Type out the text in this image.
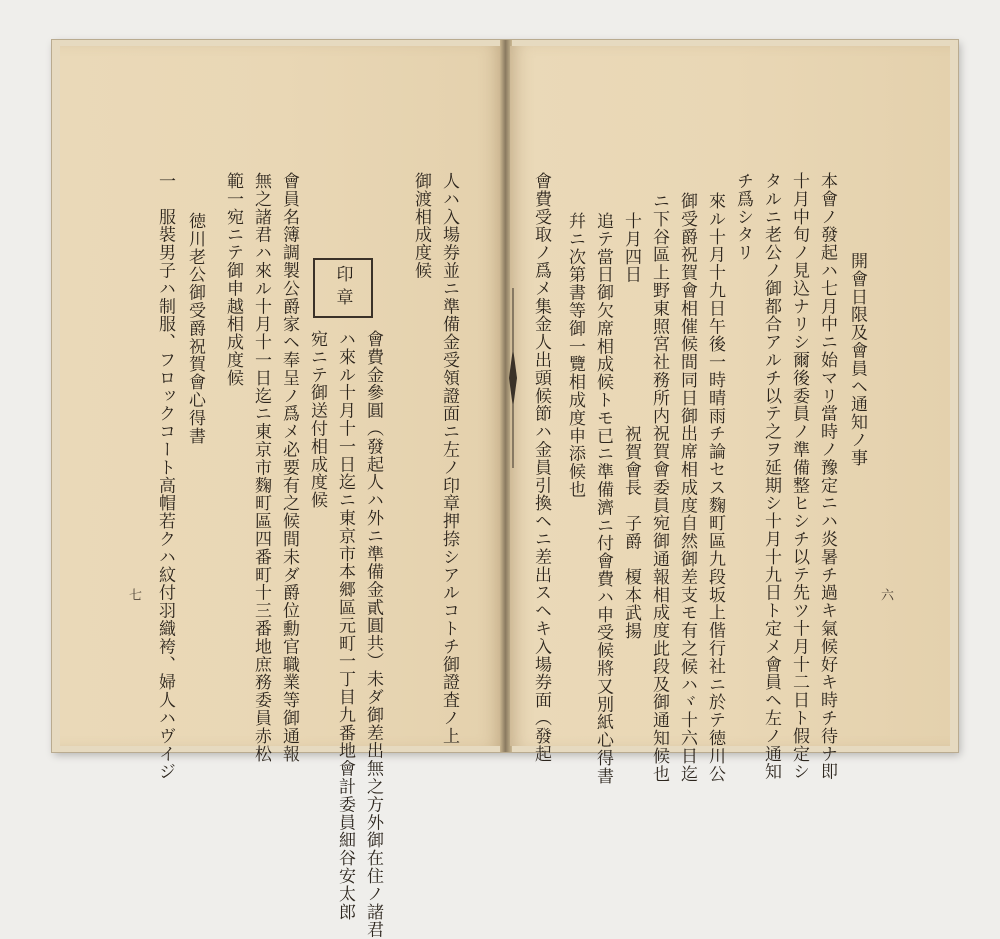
開會日限及會員ヘ通知ノ事
本會ノ發起ハ七月中ニ始マリ當時ノ豫定ニハ炎暑チ過キ氣候好キ時チ待ナ即
十月中旬ノ見込ナリシ爾後委員ノ準備整ヒシチ以テ先ツ十月十二日ト假定シ
タルニ老公ノ御都合アルチ以テ之ヲ延期シ十月十九日ト定メ會員ヘ左ノ通知
チ爲シタリ
來ル十月十九日午後一時晴雨チ論セス麴町區九段坂上偕行社ニ於テ徳川公
御受爵祝賀會相催候間同日御出席相成度自然御差支モ有之候ハヾ十六日迄
ニ下谷區上野東照宮社務所内祝賀會委員宛御通報相成度此段及御通知候也
十月四日
祝賀會長　子爵　榎本武揚
追テ當日御欠席相成候トモ已ニ準備濟ニ付會費ハ申受候將又別紙心得書
幷ニ次第書等御一覽相成度申添候也
會費受取ノ爲メ集金人出頭候節ハ金員引換ヘニ差出スヘキ入場券面（發起	六
人ハ入場券並ニ準備金受領證面ニ左ノ印章押捺シアルコトチ御證査ノ上
御渡相成度候
印章
會費金參圓（發起人ハ外ニ準備金貳圓共）未ダ御差出無之方外御在住ノ諸君
ハ來ル十月十一日迄ニ東京市本郷區元町一丁目九番地會計委員細谷安太郎
宛ニテ御送付相成度候
會員名簿調製公爵家ヘ奉呈ノ爲メ必要有之候間未ダ爵位勳官職業等御通報
無之諸君ハ來ル十月十一日迄ニ東京市麴町區四番町十三番地庶務委員赤松
範一宛ニテ御申越相成度候
徳川老公御受爵祝賀會心得書
一　服裝男子ハ制服、フロックコート高帽若クハ紋付羽織袴、婦人ハヴイジ
七
